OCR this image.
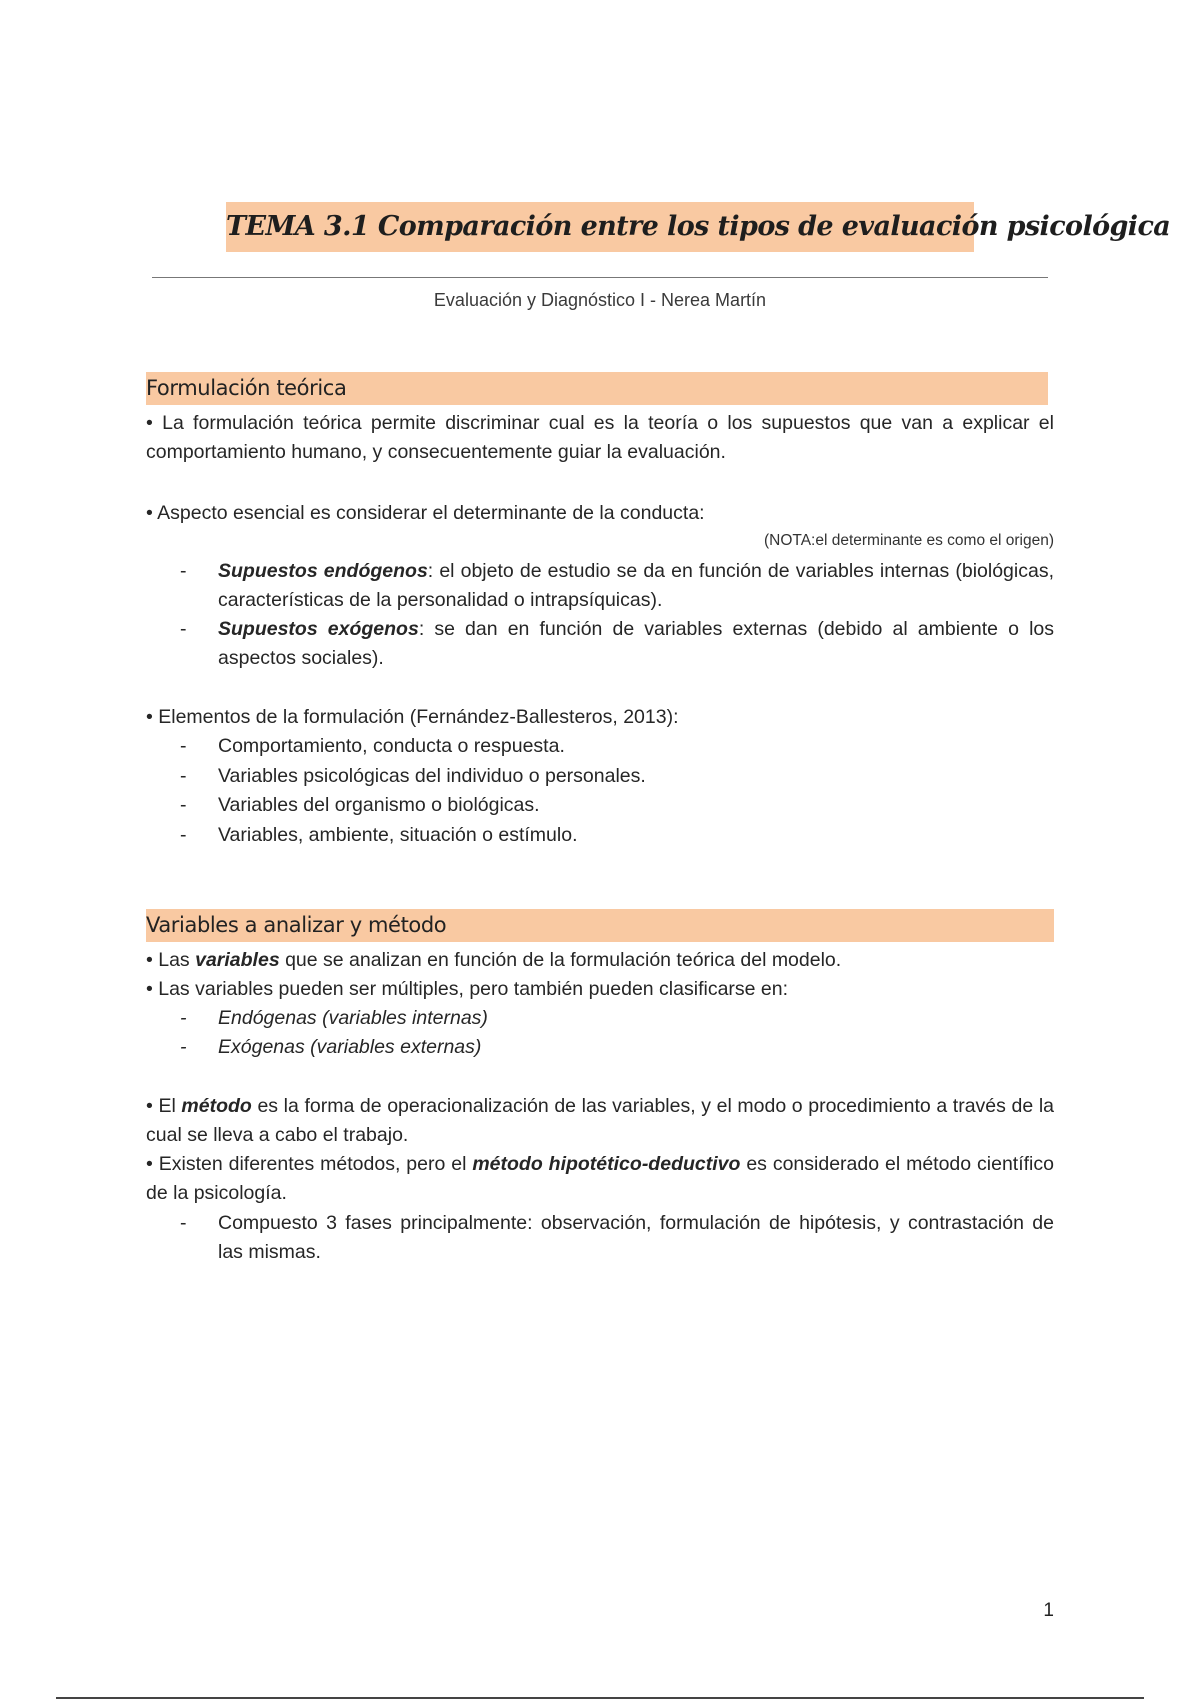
TEMA 3.1 Comparación entre los tipos de evaluación psicológica
Evaluación y Diagnóstico I - Nerea Martín
Formulación teórica
• La formulación teórica permite discriminar cual es la teoría o los supuestos que van a explicar el comportamiento humano, y consecuentemente guiar la evaluación.
• Aspecto esencial es considerar el determinante de la conducta:
(NOTA:el determinante es como el origen)
- Supuestos endógenos: el objeto de estudio se da en función de variables internas (biológicas, características de la personalidad o intrapsíquicas).
- Supuestos exógenos: se dan en función de variables externas (debido al ambiente o los aspectos sociales).
• Elementos de la formulación (Fernández-Ballesteros, 2013):
- Comportamiento, conducta o respuesta.
- Variables psicológicas del individuo o personales.
- Variables del organismo o biológicas.
- Variables, ambiente, situación o estímulo.
Variables a analizar y método
• Las variables que se analizan en función de la formulación teórica del modelo.
• Las variables pueden ser múltiples, pero también pueden clasificarse en:
- Endógenas (variables internas)
- Exógenas (variables externas)
• El método es la forma de operacionalización de las variables, y el modo o procedimiento a través de la cual se lleva a cabo el trabajo.
• Existen diferentes métodos, pero el método hipotético-deductivo es considerado el método científico de la psicología.
- Compuesto 3 fases principalmente: observación, formulación de hipótesis, y contrastación de las mismas.
1
